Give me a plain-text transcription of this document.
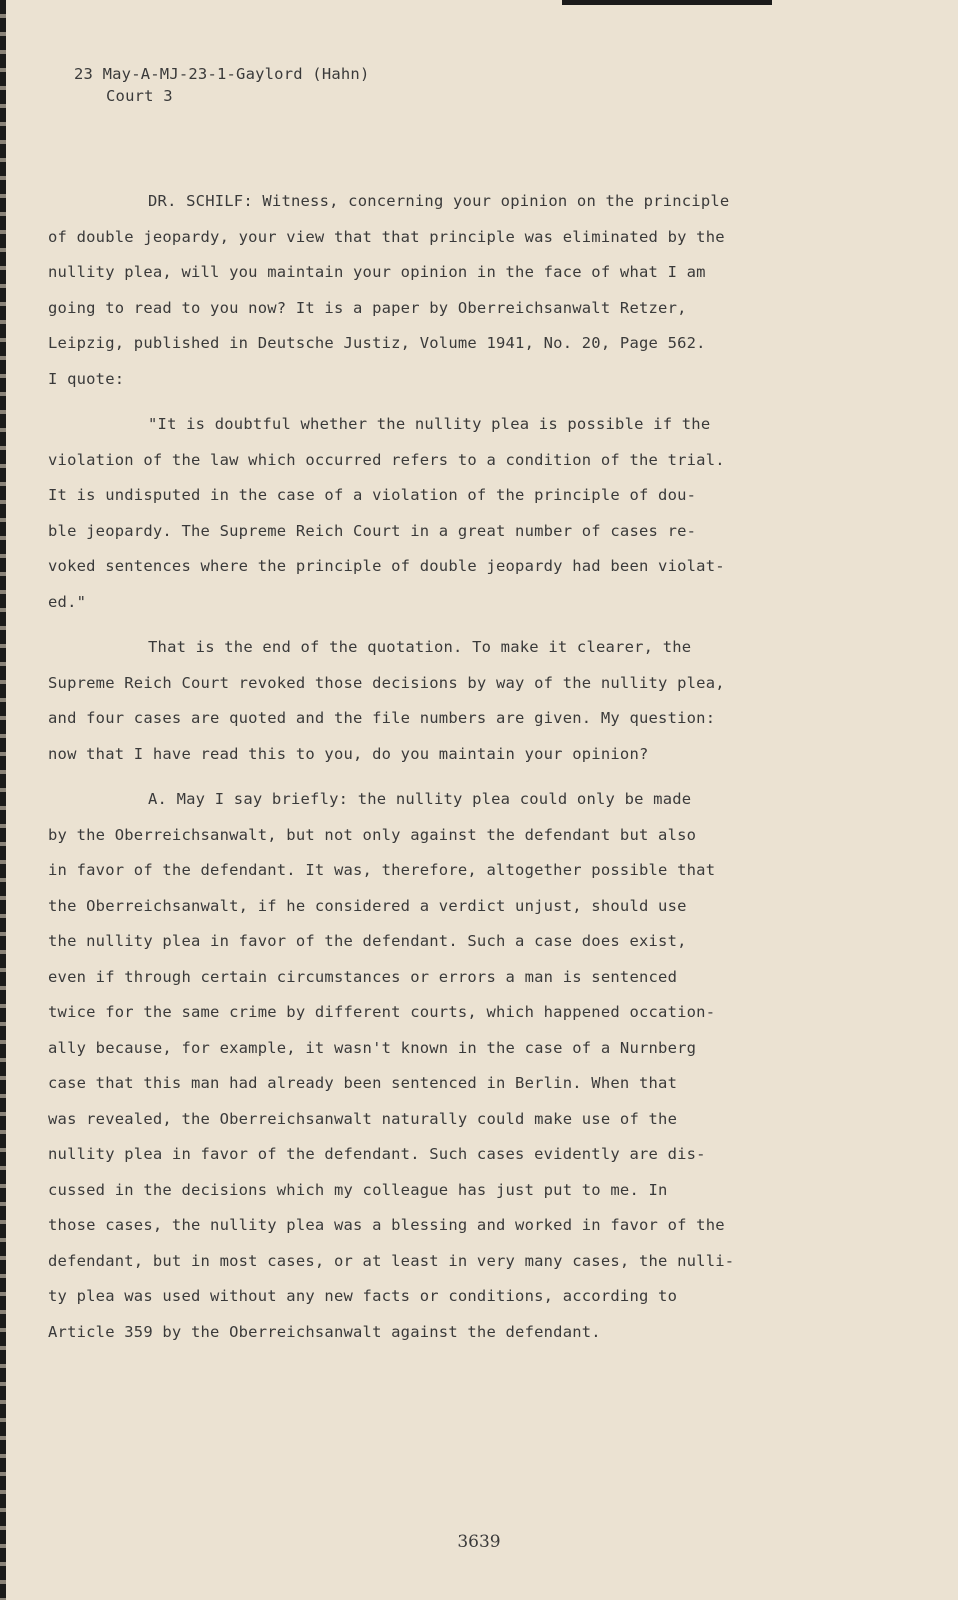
23 May-A-MJ-23-1-Gaylord (Hahn)
Court 3
DR. SCHILF: Witness, concerning your opinion on the principle
of double jeopardy, your view that that principle was eliminated by the
nullity plea, will you maintain your opinion in the face of what I am
going to read to you now? It is a paper by Oberreichsanwalt Retzer,
Leipzig, published in Deutsche Justiz, Volume 1941, No. 20, Page 562.
I quote:
"It is doubtful whether the nullity plea is possible if the
violation of the law which occurred refers to a condition of the trial.
It is undisputed in the case of a violation of the principle of dou-
ble jeopardy. The Supreme Reich Court in a great number of cases re-
voked sentences where the principle of double jeopardy had been violat-
ed."
That is the end of the quotation. To make it clearer, the
Supreme Reich Court revoked those decisions by way of the nullity plea,
and four cases are quoted and the file numbers are given. My question:
now that I have read this to you, do you maintain your opinion?
A. May I say briefly: the nullity plea could only be made
by the Oberreichsanwalt, but not only against the defendant but also
in favor of the defendant. It was, therefore, altogether possible that
the Oberreichsanwalt, if he considered a verdict unjust, should use
the nullity plea in favor of the defendant. Such a case does exist,
even if through certain circumstances or errors a man is sentenced
twice for the same crime by different courts, which happened occation-
ally because, for example, it wasn't known in the case of a Nurnberg
case that this man had already been sentenced in Berlin. When that
was revealed, the Oberreichsanwalt naturally could make use of the
nullity plea in favor of the defendant. Such cases evidently are dis-
cussed in the decisions which my colleague has just put to me. In
those cases, the nullity plea was a blessing and worked in favor of the
defendant, but in most cases, or at least in very many cases, the nulli-
ty plea was used without any new facts or conditions, according to
Article 359 by the Oberreichsanwalt against the defendant.
3639
